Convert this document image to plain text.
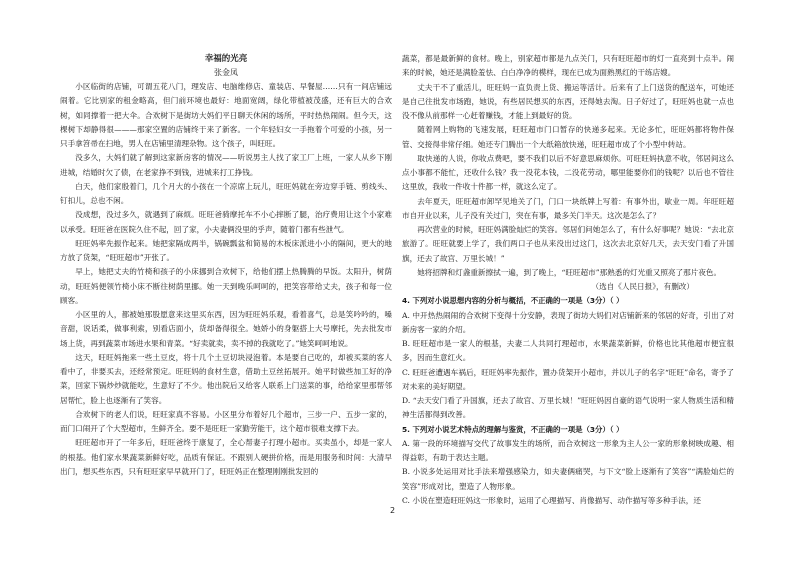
幸福的光亮

张金凤

小区临街的店铺，可谓五花八门，理发店、电脑维修店、童装店、早餐屋……只有一间店铺远闹着。它比别家的租金略高，但门前环境也最好：地面宽阔，绿化带植被茂盛，还有巨大的合欢树，如同撑着一把大伞。合欢树下是街坊大妈们平日聊天休闲的场所，平时热热闹闹。但今天，这棵树下却静得很———那家空置的店铺终于来了新客。一个年轻妇女一手拖着个可爱的小孩，另一只手拿笤帚在扫地，男人在店铺里清理杂物。这个孩子，叫旺旺。

没多久，大妈们就了解到这家新房客的情况——听说男主人找了家工厂上班，一家人从乡下刚进城，结婚时欠了债，在老家挣不到钱，进城来打工挣钱。

白天，他们家殷着门，几个月大的小孩在一个凉席上玩儿，旺旺妈就在旁边穿手链、剪线头、钉扣儿，总也不闲。

没成想，没过多久，就遇到了麻烦。旺旺爸骑摩托车不小心摔断了腿，治疗费用让这个小家难以承受。旺旺爸在医院久住不起，回了家，小夫妻俩没里的乎声，随着门都有些泄气。

旺旺妈率先振作起来。她把家隔成两半，锅碗瓢盆和简易的木板床派进小小的隔间，更大的地方放了货架，“旺旺超市”开张了。

早上，她把丈夫的竹椅和孩子的小床挪到合欢树下，给他们摆上热腾腾的早饭。太阳升，树荫动，旺旺妈便领竹椅小床不断往树荫里挪。她一天到晚乐呵呵的，把笑容带给丈夫，孩子和每一位顾客。

小区里的人，都被她那股愿意来这里买东西，因为旺旺妈乐观，看着喜气，总是笑吟吟的，嗓音甜，说话柔，做事利索，别看店面小，货却备得很全。她娇小的身躯搭上大号摩托，先去批发市场上货，再到蔬菜市场进水果和青菜。“好卖就卖，卖不掉的我就吃了。”她笑呵呵地说。

这天，旺旺妈拖来一些土豆皮，将十几个土豆切块浸泡着。本是要自己吃的，却被买菜的客人看中了，非要买去，还经常预定。旺旺妈的食材生意，借助土豆丝拓展开。她平时做些加工好的净菜，回家下锅炒炒就能吃，生意好了不少。他出院后又给客人联系上门送菜的事，给给家里那帮邻居帮忙，脸上也逐渐有了笑容。

合欢树下的老人们说，旺旺家真不容易。小区里分布着好几个超市，三步一户、五步一家的，而门口闹开了个大型超市，生鲜齐全。要不是旺旺一家勤劳能干，这个超市很难支撑下去。

旺旺超市开了一年多后，旺旺爸终于康复了，全心帮妻子打理小超市。买卖虽小，却是一家人的根基。他们家水果蔬菜新鲜好吃，品质有保证。不跟别人硬拼价格，而是用服务和时间：大清早出门，想买些东西，只有旺旺家早早就开门了，旺旺妈正在整理刚刚批发回的

蔬菜，都是最新鲜的食材。晚上，别家超市都是九点关门，只有旺旺超市的灯一直亮到十点半。闹来的时候，她还是满脸羞怯、白白净净的模样，现在已成为面熟黑红的干练店嫂。

丈夫干不了重活儿，旺旺妈一直负责上货、搬运等活计。后来有了上门送货的配送车，可她还是自己往批发市场跑，她说，有些居民想买的东西，还得她去淘。日子好过了，旺旺妈也就一点也没不像从前那样一心赶着赚钱，才能上到最好的货。

随着网上购物的飞速发展，旺旺超市门口暂存的快递多起来。无论多忙，旺旺妈都将物件保管、交接得非常仔细。她还专门腾出一个大纸箱放快递，旺旺超市成了个小型中转站。

取快递的人说，你收点费吧，要不我们以后不好意思麻烦你。可旺旺妈执意不收，邻居间这么点小事都不能忙，还收什么钱？我一没花本钱，二没花劳动，哪里能要你们的钱呢？以后也不管往这里放，我收一件收十件都一样，就这么定了。

去年夏天，旺旺超市卸罕见地关了门，门口一块纸牌上写着：有事外出，歇业一周。年旺旺超市自开业以来，儿子没有关过门，突在有事，最多关门半天。这次是怎么了？

再次营业的时候，旺旺妈满脸灿烂的笑容。邻居们问她怎么了，有什么好事呢？她说：“去北京旅游了。旺旺就要上学了，我们两口子也从来没出过这门，这次去北京好几天，去天安门看了升国旗，还去了故宫、万里长城！”

她将招牌和灯盏重新擦拭一遍，到了晚上，“旺旺超市”那熟悉的灯光重又照亮了那片夜色。

（选自《人民日报》，有删改）

4. 下列对小说思想内容的分析与概括，不正确的一项是（3分）（ ）

A. 中开热热闹闹的合欢树下变得十分安静，表现了街坊大妈们对店铺新来的邻居的好奇，引出了对新房客一家的介绍。

B. 旺旺超市是一家人的根基，夫妻二人共同打理超市，水果蔬菜新鲜，价格也比其他超市便宜很多，因而生意红火。

C. 旺旺爸遭遇车祸后，旺旺妈率先振作，置办货架开小超市，并以儿子的名字“旺旺”命名，寄予了对未来的美好期望。

D. “去天安门看了升国旗，还去了故宫、万里长城！”旺旺妈因自豪的语气说明一家人物质生活和精神生活都得到改善。

5. 下列对小说艺术特点的理解与鉴赏，不正确的一项是（3分）（ ）

A. 第一段的环境描写交代了故事发生的场所，而合欢树这一形象为主人公一家的形象树映成趣、相得益彰，有助于表达主题。

B. 小说多处运用对比手法来增强感染力，如夫妻俩痛哭，与下文“脸上逐渐有了笑容”“满脸灿烂的笑容”形成对比，塑造了人物形象。

C. 小说在塑造旺旺妈这一形象时，运用了心理描写、肖像描写、动作描写等多种手法，还

2
